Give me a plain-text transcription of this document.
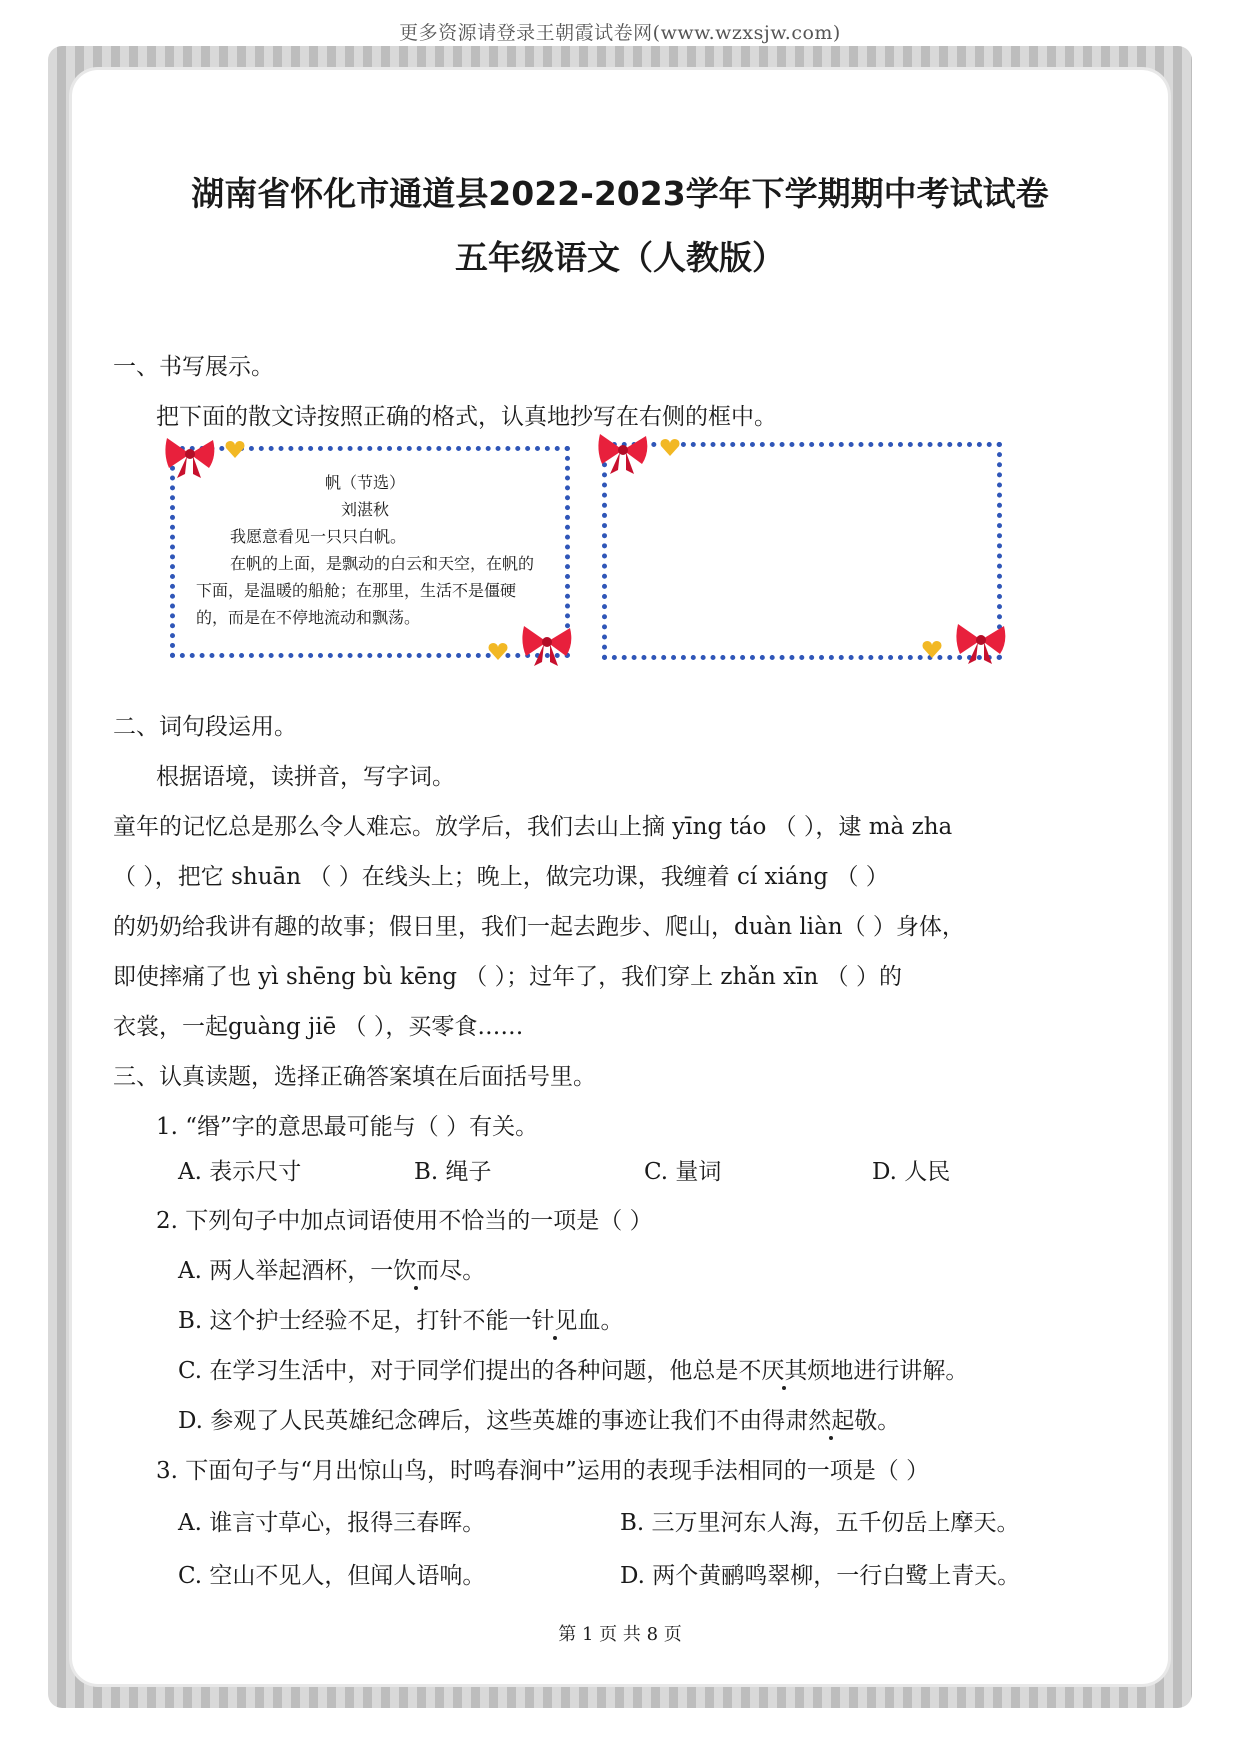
更多资源请登录王朝霞试卷网(www.wzxsjw.com)
湖南省怀化市通道县2022-2023学年下学期期中考试试卷
五年级语文（人教版）
一、书写展示。
把下面的散文诗按照正确的格式，认真地抄写在右侧的框中。
帆（节选）
刘湛秋
我愿意看见一只只白帆。
在帆的上面，是飘动的白云和天空，在帆的下面，是温暖的船舱；在那里，生活不是僵硬的，而是在不停地流动和飘荡。
二、词句段运用。
根据语境，读拼音，写字词。
童年的记忆总是那么令人难忘。放学后，我们去山上摘 yīng táo （ ），逮 mà zha
（ ），把它 shuān （ ）在线头上；晚上，做完功课，我缠着 cí xiáng （ ）
的奶奶给我讲有趣的故事；假日里，我们一起去跑步、爬山，duàn liàn（ ）身体，
即使摔痛了也 yì shēng bù kēng （ ）；过年了，我们穿上 zhǎn xīn （ ）的
衣裳，一起guàng jiē （ ），买零食……
三、认真读题，选择正确答案填在后面括号里。
1. “缗”字的意思最可能与（ ）有关。
A. 表示尺寸	B. 绳子	C. 量词	D. 人民
2. 下列句子中加点词语使用不恰当的一项是（ ）
A. 两人举起酒杯，一饮而尽。
B. 这个护士经验不足，打针不能一针见血。
C. 在学习生活中，对于同学们提出的各种问题，他总是不厌其烦地进行讲解。
D. 参观了人民英雄纪念碑后，这些英雄的事迹让我们不由得肃然起敬。
3. 下面句子与“月出惊山鸟，时鸣春涧中”运用的表现手法相同的一项是（ ）
A. 谁言寸草心，报得三春晖。	B. 三万里河东人海，五千仞岳上摩天。
C. 空山不见人，但闻人语响。	D. 两个黄鹂鸣翠柳，一行白鹭上青天。
第 1 页 共 8 页
